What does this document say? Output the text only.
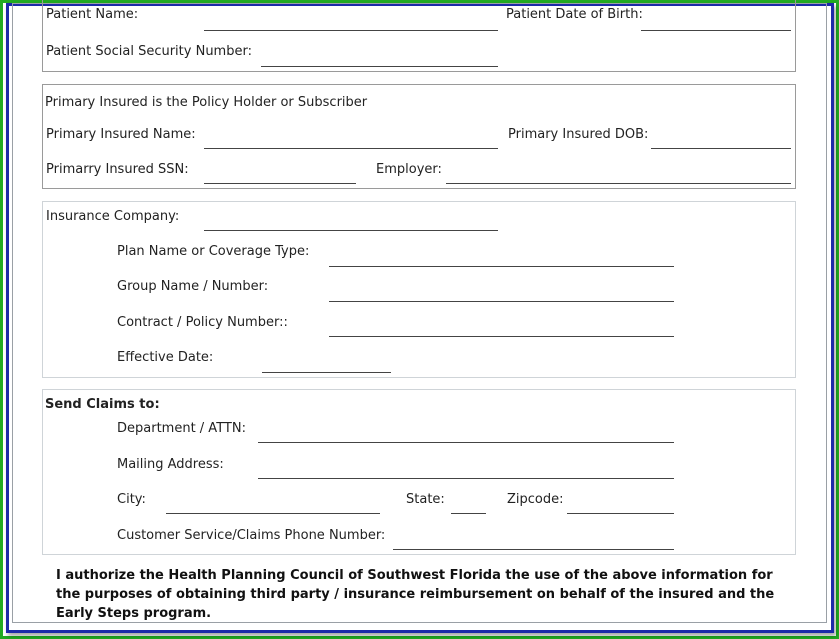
Patient Name:	Patient Date of Birth:
Patient Social Security Number:
Primary Insured is the Policy Holder or Subscriber
Primary Insured Name:	Primary Insured DOB:
Primarry Insured SSN:	Employer:
Insurance Company:
Plan Name or Coverage Type:
Group Name / Number:
Contract / Policy Number::
Effective Date:
Send Claims to:
Department / ATTN:
Mailing Address:
City:	State:	Zipcode:
Customer Service/Claims Phone Number:
I authorize the Health Planning Council of Southwest Florida the use of the above information for the purposes of obtaining third party / insurance reimbursement on behalf of the insured and the Early Steps program.
